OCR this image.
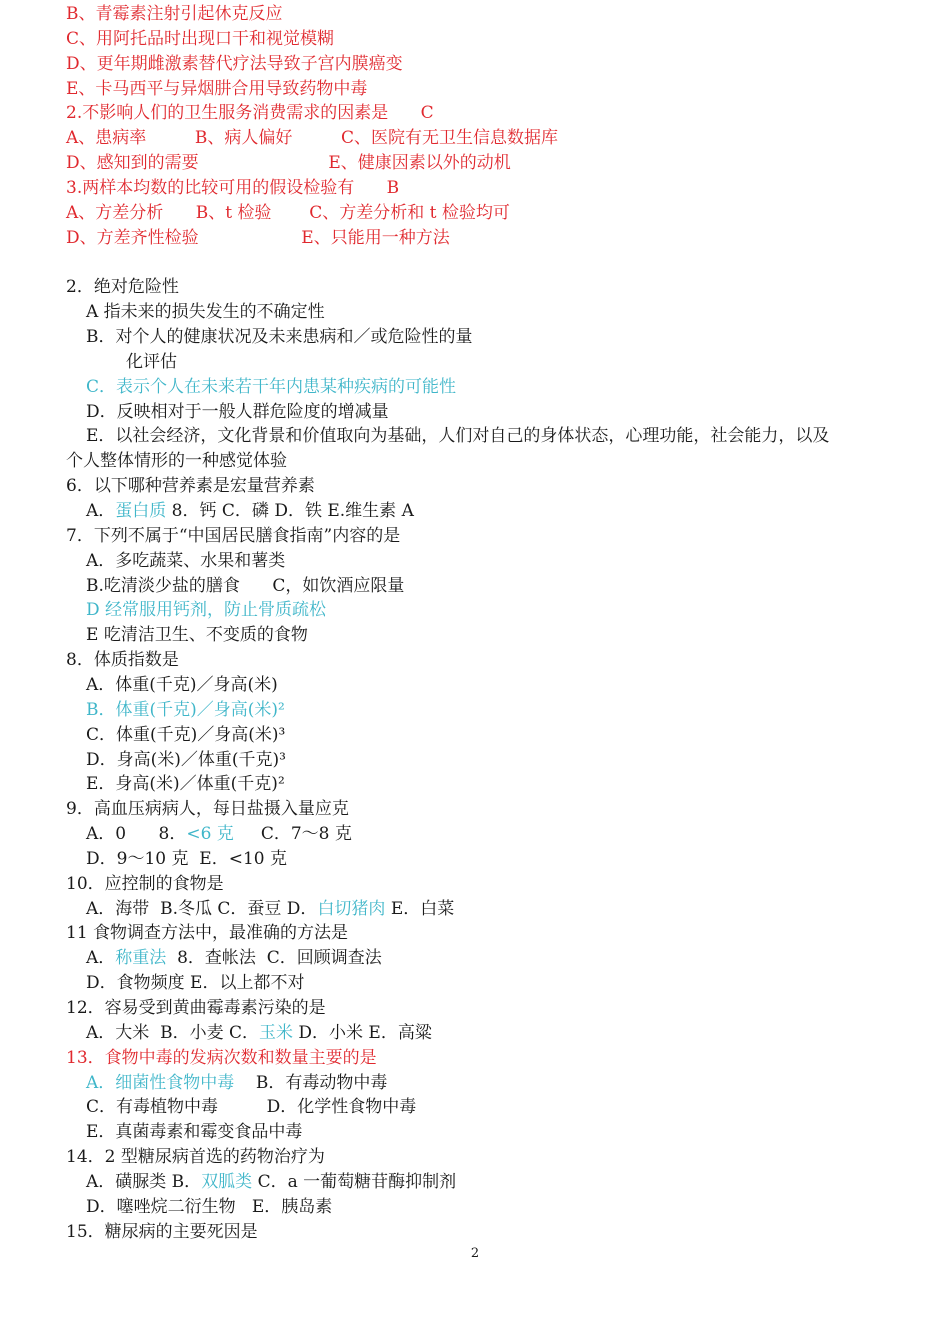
B、青霉素注射引起休克反应
C、用阿托品时出现口干和视觉模糊
D、更年期雌激素替代疗法导致子宫内膜癌变
E、卡马西平与异烟肼合用导致药物中毒
2.不影响人们的卫生服务消费需求的因素是      C
A、患病率         B、病人偏好         C、医院有无卫生信息数据库
D、感知到的需要                        E、健康因素以外的动机
3.两样本均数的比较可用的假设检验有      B
A、方差分析      B、t 检验       C、方差分析和 t 检验均可
D、方差齐性检验                   E、只能用一种方法
2．绝对危险性
A 指未来的损失发生的不确定性
B．对个人的健康状况及未来患病和／或危险性的量
化评估
C．表示个人在未来若干年内患某种疾病的可能性
D．反映相对于一般人群危险度的增减量
E．以社会经济，文化背景和价值取向为基础，人们对自己的身体状态，心理功能，社会能力，以及
个人整体情形的一种感觉体验
6．以下哪种营养素是宏量营养素
A．蛋白质 8．钙 C．磷 D．铁 E.维生素 A
7．下列不属于“中国居民膳食指南”内容的是
A．多吃蔬菜、水果和薯类
B.吃清淡少盐的膳食      C，如饮酒应限量
D 经常服用钙剂，防止骨质疏松
E 吃清洁卫生、不变质的食物
8．体质指数是
A．体重(千克)／身高(米)
B．体重(千克)／身高(米)²
C．体重(千克)／身高(米)³
D．身高(米)／体重(千克)³
E．身高(米)／体重(千克)²
9．高血压病病人，每日盐摄入量应克
A．0      8．<6 克     C．7～8 克
D．9～10 克  E．<10 克
10．应控制的食物是
A．海带  B.冬瓜 C．蚕豆 D．白切猪肉 E．白菜
11 食物调查方法中，最准确的方法是
A．称重法  8．查帐法  C．回顾调查法
D．食物频度 E．以上都不对
12．容易受到黄曲霉毒素污染的是
A．大米  B．小麦 C．玉米 D．小米 E．高粱
13．食物中毒的发病次数和数量主要的是
A．细菌性食物中毒    B．有毒动物中毒
C．有毒植物中毒         D．化学性食物中毒
E．真菌毒素和霉变食品中毒
14．2 型糖尿病首选的药物治疗为
A．磺脲类 B．双胍类 C．a 一葡萄糖苷酶抑制剂
D．噻唑烷二衍生物   E．胰岛素
15．糖尿病的主要死因是
2
